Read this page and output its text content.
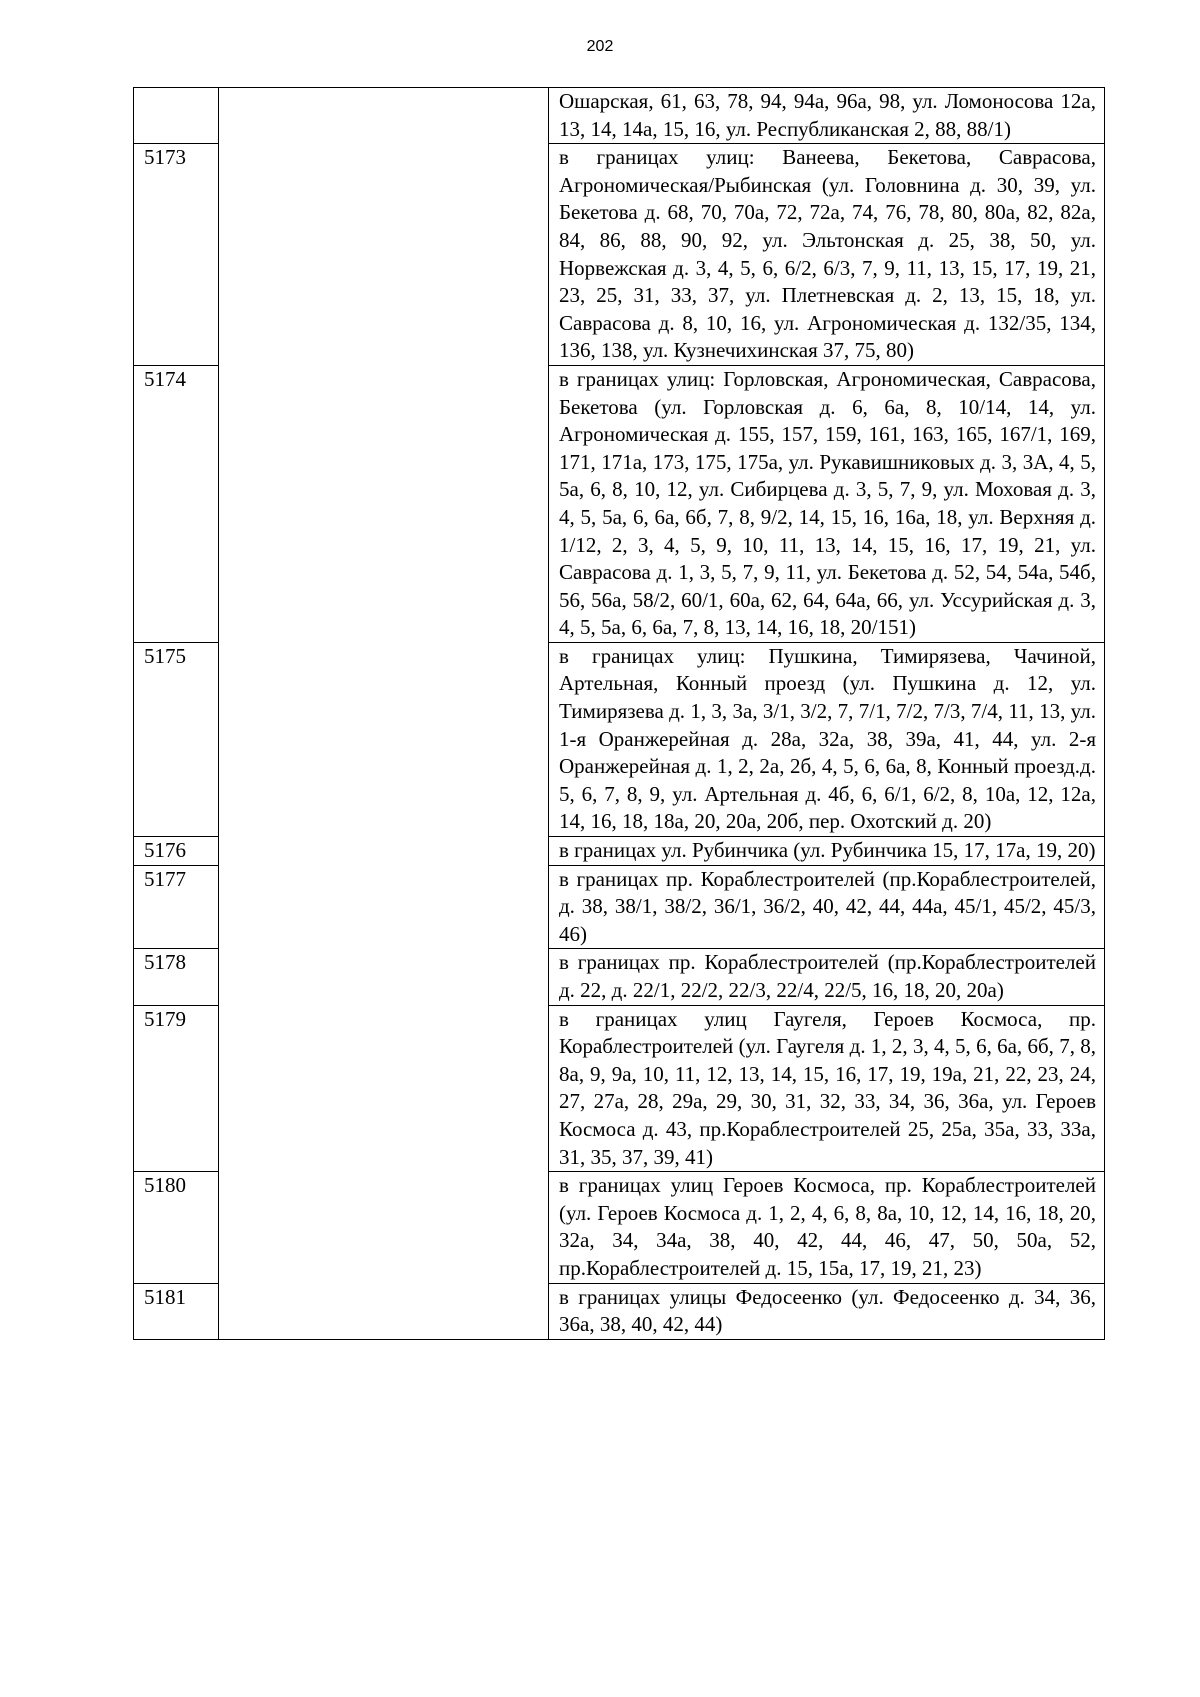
202
		Ошарская, 61, 63, 78, 94, 94а, 96а, 98, ул. Ломоносова 12а, 13, 14, 14а, 15, 16, ул. Республиканская 2, 88, 88/1)
5173		в границах улиц: Ванеева, Бекетова, Саврасова, Агрономическая/Рыбинская (ул. Головнина д. 30, 39, ул. Бекетова д. 68, 70, 70а, 72, 72а, 74, 76, 78, 80, 80а, 82, 82а, 84, 86, 88, 90, 92, ул. Эльтонская д. 25, 38, 50, ул. Норвежская д. 3, 4, 5, 6, 6/2, 6/3, 7, 9, 11, 13, 15, 17, 19, 21, 23, 25, 31, 33, 37, ул. Плетневская д. 2, 13, 15, 18, ул. Саврасова д. 8, 10, 16, ул. Агрономическая д. 132/35, 134, 136, 138, ул. Кузнечихинская 37, 75, 80)
5174		в границах улиц: Горловская, Агрономическая, Саврасова, Бекетова (ул. Горловская д. 6, 6а, 8, 10/14, 14, ул. Агрономическая д. 155, 157, 159, 161, 163, 165, 167/1, 169, 171, 171а, 173, 175, 175а, ул. Рукавишниковых д. 3, 3А, 4, 5, 5а, 6, 8, 10, 12, ул. Сибирцева д. 3, 5, 7, 9, ул. Моховая д. 3, 4, 5, 5а, 6, 6а, 6б, 7, 8, 9/2, 14, 15, 16, 16а, 18, ул. Верхняя д. 1/12, 2, 3, 4, 5, 9, 10, 11, 13, 14, 15, 16, 17, 19, 21, ул. Саврасова д. 1, 3, 5, 7, 9, 11, ул. Бекетова д. 52, 54, 54а, 54б, 56, 56а, 58/2, 60/1, 60а, 62, 64, 64а, 66, ул. Уссурийская д. 3, 4, 5, 5а, 6, 6а, 7, 8, 13, 14, 16, 18, 20/151)
5175		в границах улиц: Пушкина, Тимирязева, Чачиной, Артельная, Конный проезд (ул. Пушкина д. 12, ул. Тимирязева д. 1, 3, 3а, 3/1, 3/2, 7, 7/1, 7/2, 7/3, 7/4, 11, 13, ул. 1-я Оранжерейная д. 28а, 32а, 38, 39а, 41, 44, ул. 2-я Оранжерейная д. 1, 2, 2а, 2б, 4, 5, 6, 6а, 8, Конный проезд.д. 5, 6, 7, 8, 9, ул. Артельная д. 4б, 6, 6/1, 6/2, 8, 10а, 12, 12а, 14, 16, 18, 18а, 20, 20а, 20б, пер. Охотский д. 20)
5176		в границах ул. Рубинчика (ул. Рубинчика 15, 17, 17а, 19, 20)
5177		в границах пр. Кораблестроителей (пр.Кораблестроителей, д. 38, 38/1, 38/2, 36/1, 36/2, 40, 42, 44, 44а, 45/1, 45/2, 45/3, 46)
5178		в границах пр. Кораблестроителей (пр.Кораблестроителей д. 22, д. 22/1, 22/2, 22/3, 22/4, 22/5, 16, 18, 20, 20а)
5179		в границах улиц Гаугеля, Героев Космоса, пр. Кораблестроителей (ул. Гаугеля д. 1, 2, 3, 4, 5, 6, 6а, 6б, 7, 8, 8а, 9, 9а, 10, 11, 12, 13, 14, 15, 16, 17, 19, 19а, 21, 22, 23, 24, 27, 27а, 28, 29а, 29, 30, 31, 32, 33, 34, 36, 36а, ул. Героев Космоса д. 43, пр.Кораблестроителей 25, 25а, 35а, 33, 33а, 31, 35, 37, 39, 41)
5180		в границах улиц Героев Космоса, пр. Кораблестроителей (ул. Героев Космоса д. 1, 2, 4, 6, 8, 8а, 10, 12, 14, 16, 18, 20, 32а, 34, 34а, 38, 40, 42, 44, 46, 47, 50, 50а, 52, пр.Кораблестроителей д. 15, 15а, 17, 19, 21, 23)
5181		в границах улицы Федосеенко (ул. Федосеенко д. 34, 36, 36а, 38, 40, 42, 44)
